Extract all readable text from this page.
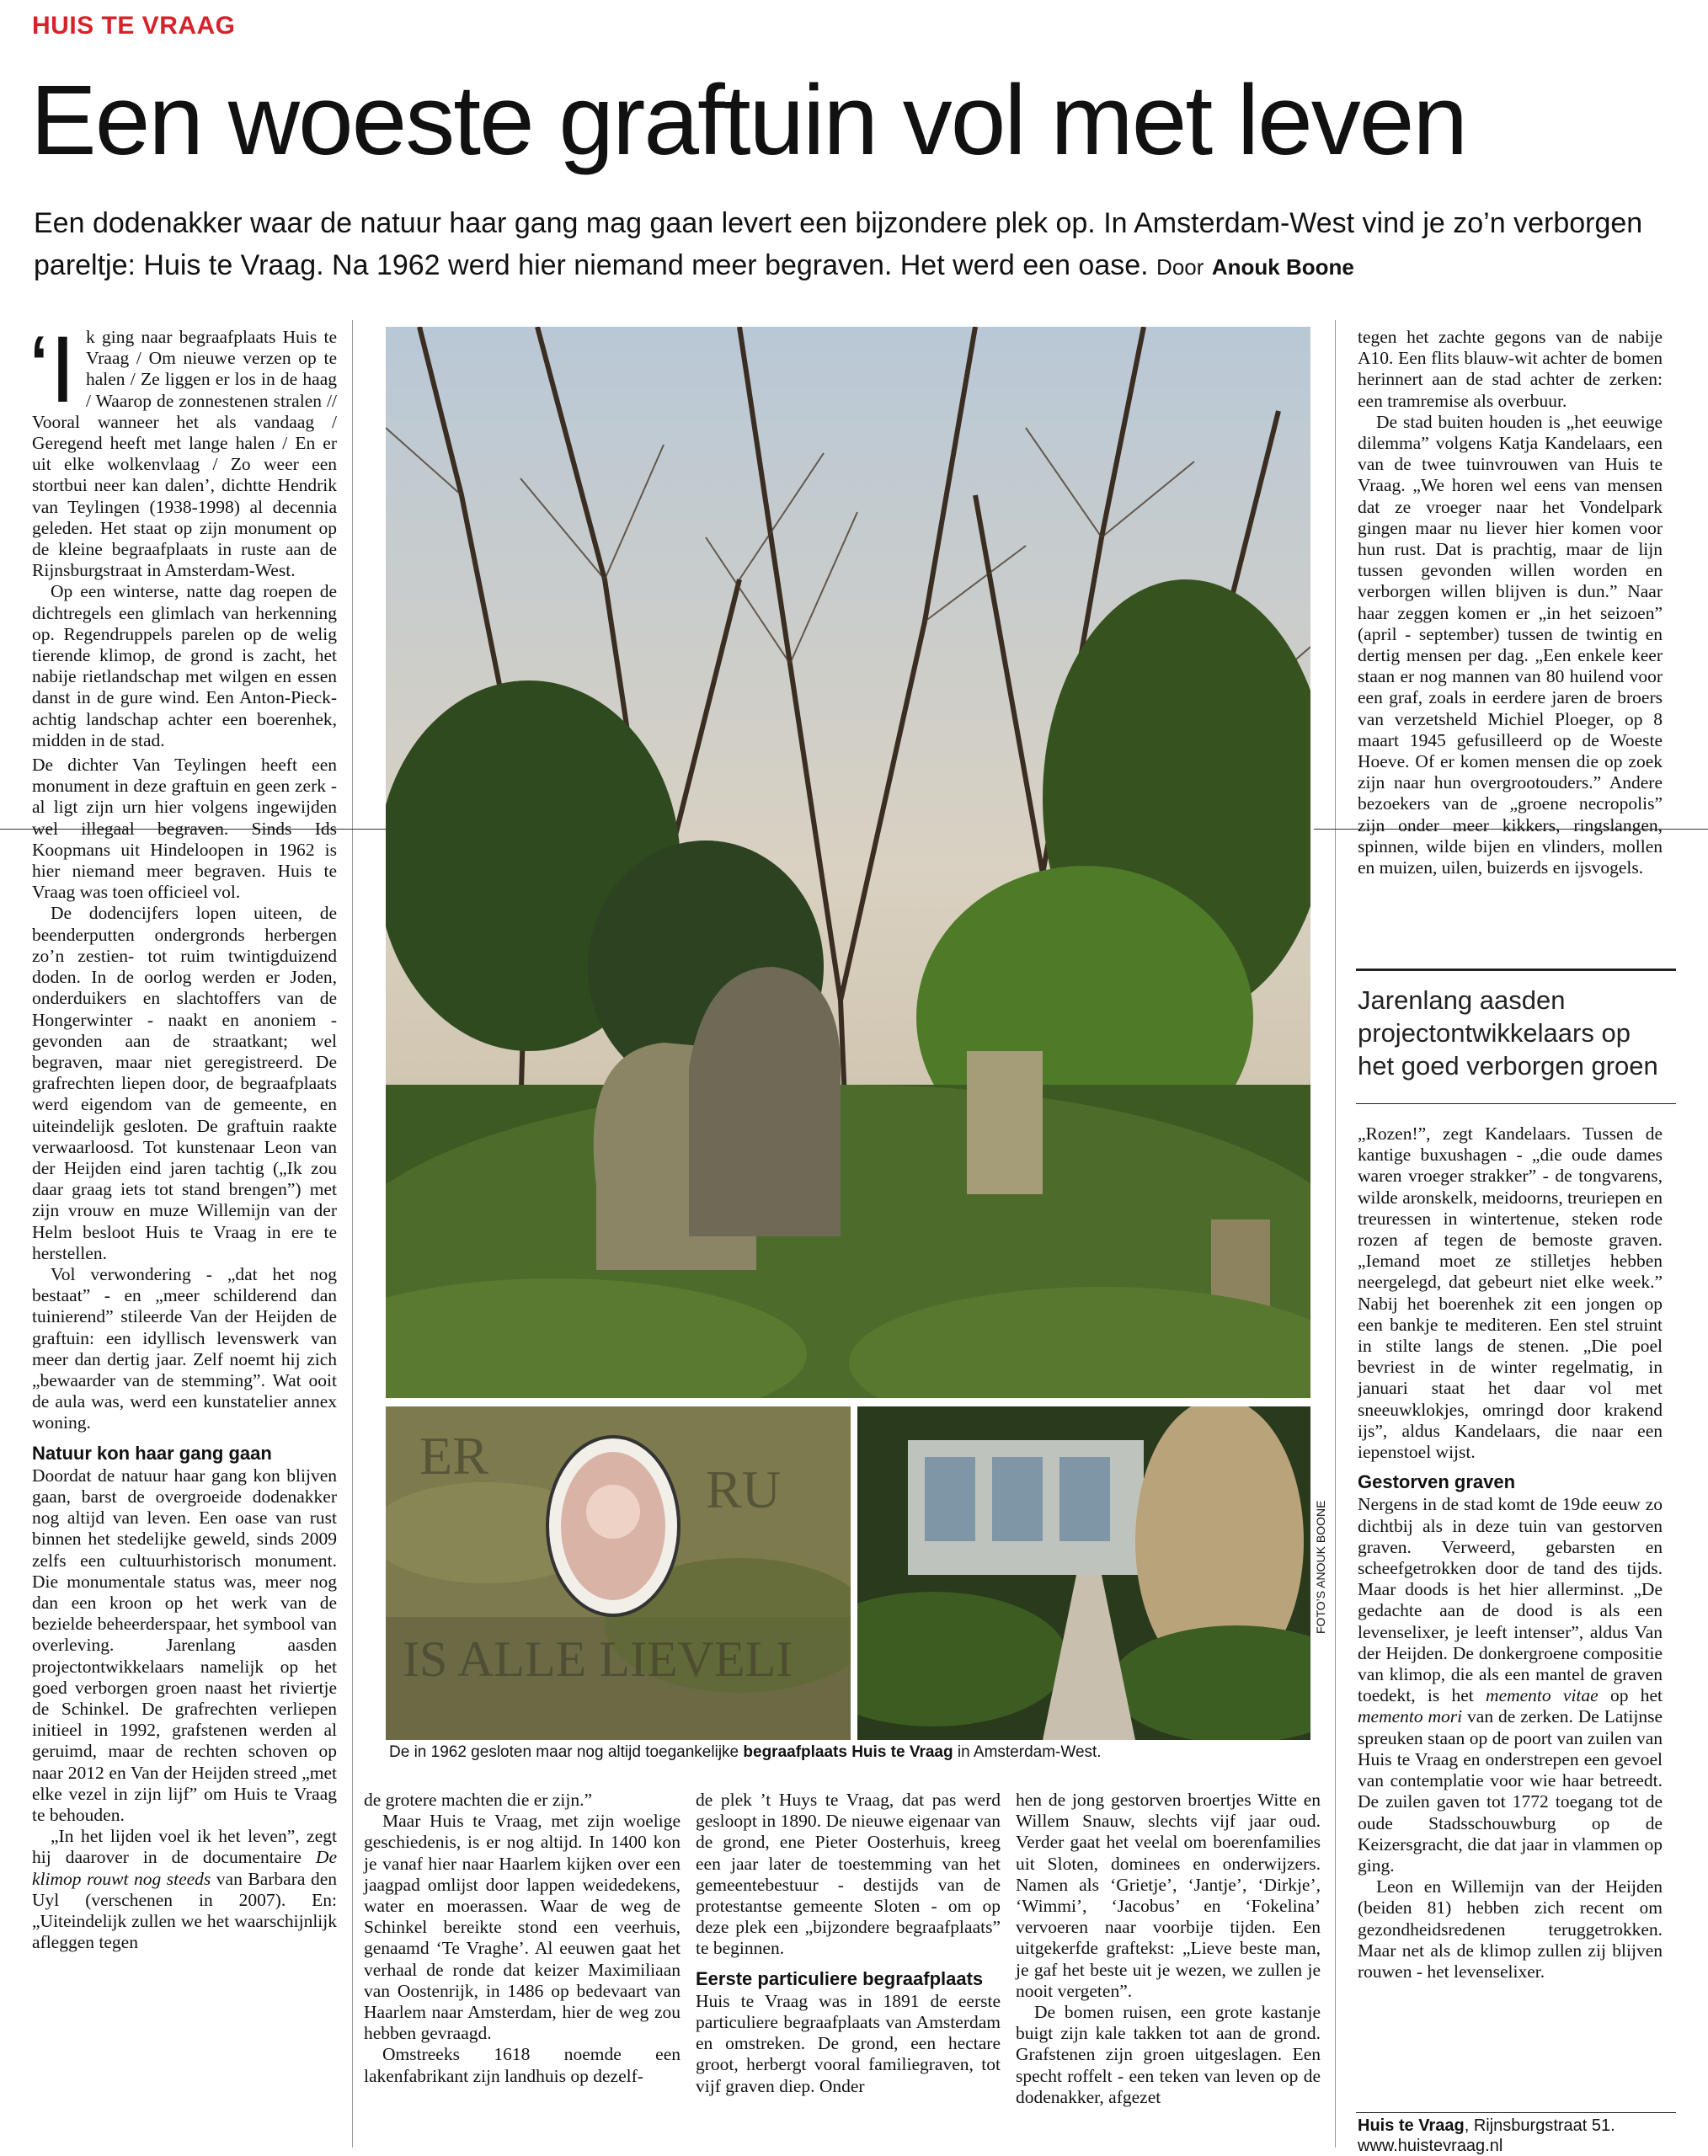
HUIS TE VRAAG
Een woeste graftuin vol met leven
Een dodenakker waar de natuur haar gang mag gaan levert een bijzondere plek op. In Amsterdam-West vind je zo’n verborgen pareltje: Huis te Vraag. Na 1962 werd hier niemand meer begraven. Het werd een oase. Door Anouk Boone

‘Ik ging naar begraafplaats Huis te Vraag / Om nieuwe verzen op te halen / Ze liggen er los in de haag / Waarop de zonnestenen stralen // Vooral wanneer het als vandaag / Geregend heeft met lange halen / En er uit elke wolkenvlaag / Zo weer een stortbui neer kan dalen’, dichtte Hendrik van Teylingen (1938-1998) al decennia geleden. Het staat op zijn monument op de kleine begraafplaats in ruste aan de Rijnsburgstraat in Amsterdam-West.

Op een winterse, natte dag roepen de dichtregels een glimlach van herkenning op. Regendruppels parelen op de welig tierende klimop, de grond is zacht, het nabije rietlandschap met wilgen en essen danst in de gure wind. Een Anton-Pieck-achtig landschap achter een boerenhek, midden in de stad.

De dichter Van Teylingen heeft een monument in deze graftuin en geen zerk - al ligt zijn urn hier volgens ingewijden wel illegaal begraven. Sinds Ids Koopmans uit Hindeloopen in 1962 is hier niemand meer begraven. Huis te Vraag was toen officieel vol.

De dodencijfers lopen uiteen, de beenderputten ondergronds herbergen zo’n zestien- tot ruim twintigduizend doden. In de oorlog werden er Joden, onderduikers en slachtoffers van de Hongerwinter - naakt en anoniem - gevonden aan de straatkant; wel begraven, maar niet geregistreerd. De grafrechten liepen door, de begraafplaats werd eigendom van de gemeente, en uiteindelijk gesloten. De graftuin raakte verwaarloosd. Tot kunstenaar Leon van der Heijden eind jaren tachtig („Ik zou daar graag iets tot stand brengen”) met zijn vrouw en muze Willemijn van der Helm besloot Huis te Vraag in ere te herstellen.

Vol verwondering - „dat het nog bestaat” - en „meer schilderend dan tuinierend” stileerde Van der Heijden de graftuin: een idyllisch levenswerk van meer dan dertig jaar. Zelf noemt hij zich „bewaarder van de stemming”. Wat ooit de aula was, werd een kunstatelier annex woning.

Natuur kon haar gang gaan

Doordat de natuur haar gang kon blijven gaan, barst de overgroeide dodenakker nog altijd van leven. Een oase van rust binnen het stedelijke geweld, sinds 2009 zelfs een cultuurhistorisch monument. Die monumentale status was, meer nog dan een kroon op het werk van de bezielde beheerderspaar, het symbool van overleving. Jarenlang aasden projectontwikkelaars namelijk op het goed verborgen groen naast het riviertje de Schinkel. De grafrechten verliepen initieel in 1992, grafstenen werden al geruimd, maar de rechten schoven op naar 2012 en Van der Heijden streed „met elke vezel in zijn lijf” om Huis te Vraag te behouden.

„In het lijden voel ik het leven”, zegt hij daarover in de documentaire De klimop rouwt nog steeds van Barbara den Uyl (verschenen in 2007). En: „Uiteindelijk zullen we het waarschijnlijk afleggen tegen

ER
RU
IS ALLE LIEVELI
FOTO’S ANOUK BOONE
De in 1962 gesloten maar nog altijd toegankelijke begraafplaats Huis te Vraag in Amsterdam-West.

de grotere machten die er zijn.”

Maar Huis te Vraag, met zijn woelige geschiedenis, is er nog altijd. In 1400 kon je vanaf hier naar Haarlem kijken over een jaagpad omlijst door lappen weidedekens, water en moerassen. Waar de weg de Schinkel bereikte stond een veerhuis, genaamd ‘Te Vraghe’. Al eeuwen gaat het verhaal de ronde dat keizer Maximiliaan van Oostenrijk, in 1486 op bedevaart van Haarlem naar Amsterdam, hier de weg zou hebben gevraagd.

Omstreeks 1618 noemde een lakenfabrikant zijn landhuis op dezelf-

de plek ’t Huys te Vraag, dat pas werd gesloopt in 1890. De nieuwe eigenaar van de grond, ene Pieter Oosterhuis, kreeg een jaar later de toestemming van het gemeentebestuur - destijds van de protestantse gemeente Sloten - om op deze plek een „bijzondere begraafplaats” te beginnen.

Eerste particuliere begraafplaats

Huis te Vraag was in 1891 de eerste particuliere begraafplaats van Amsterdam en omstreken. De grond, een hectare groot, herbergt vooral familiegraven, tot vijf graven diep. Onder

hen de jong gestorven broertjes Witte en Willem Snauw, slechts vijf jaar oud. Verder gaat het veelal om boerenfamilies uit Sloten, dominees en onderwijzers. Namen als ‘Grietje’, ‘Jantje’, ‘Dirkje’, ‘Wimmi’, ‘Jacobus’ en ‘Fokelina’ vervoeren naar voorbije tijden. Een uitgekerfde graftekst: „Lieve beste man, je gaf het beste uit je wezen, we zullen je nooit vergeten”.

De bomen ruisen, een grote kastanje buigt zijn kale takken tot aan de grond. Grafstenen zijn groen uitgeslagen. Een specht roffelt - een teken van leven op de dodenakker, afgezet

tegen het zachte gegons van de nabije A10. Een flits blauw-wit achter de bomen herinnert aan de stad achter de zerken: een tramremise als overbuur.

De stad buiten houden is „het eeuwige dilemma” volgens Katja Kandelaars, een van de twee tuinvrouwen van Huis te Vraag. „We horen wel eens van mensen dat ze vroeger naar het Vondelpark gingen maar nu liever hier komen voor hun rust. Dat is prachtig, maar de lijn tussen gevonden willen worden en verborgen willen blijven is dun.” Naar haar zeggen komen er „in het seizoen” (april - september) tussen de twintig en dertig mensen per dag. „Een enkele keer staan er nog mannen van 80 huilend voor een graf, zoals in eerdere jaren de broers van verzetsheld Michiel Ploeger, op 8 maart 1945 gefusilleerd op de Woeste Hoeve. Of er komen mensen die op zoek zijn naar hun overgrootouders.” Andere bezoekers van de „groene necropolis” zijn onder meer kikkers, ringslangen, spinnen, wilde bijen en vlinders, mollen en muizen, uilen, buizerds en ijsvogels.

Jarenlang aasden projectontwikkelaars op het goed verborgen groen

„Rozen!”, zegt Kandelaars. Tussen de kantige buxushagen - „die oude dames waren vroeger strakker” - de tongvarens, wilde aronskelk, meidoorns, treuriepen en treuressen in wintertenue, steken rode rozen af tegen de bemoste graven. „Iemand moet ze stilletjes hebben neergelegd, dat gebeurt niet elke week.” Nabij het boerenhek zit een jongen op een bankje te mediteren. Een stel struint in stilte langs de stenen. „Die poel bevriest in de winter regelmatig, in januari staat het daar vol met sneeuwklokjes, omringd door krakend ijs”, aldus Kandelaars, die naar een iepenstoel wijst.

Gestorven graven

Nergens in de stad komt de 19de eeuw zo dichtbij als in deze tuin van gestorven graven. Verweerd, gebarsten en scheefgetrokken door de tand des tijds. Maar doods is het hier allerminst. „De gedachte aan de dood is als een levenselixer, je leeft intenser”, aldus Van der Heijden. De donkergroene compositie van klimop, die als een mantel de graven toedekt, is het memento vitae op het memento mori van de zerken. De Latijnse spreuken staan op de poort van zuilen van Huis te Vraag en onderstrepen een gevoel van contemplatie voor wie haar betreedt. De zuilen gaven tot 1772 toegang tot de oude Stadsschouwburg op de Keizersgracht, die dat jaar in vlammen op ging.

Leon en Willemijn van der Heijden (beiden 81) hebben zich recent om gezondheidsredenen teruggetrokken. Maar net als de klimop zullen zij blijven rouwen - het levenselixer.

Huis te Vraag, Rijnsburgstraat 51.
www.huistevraag.nl
